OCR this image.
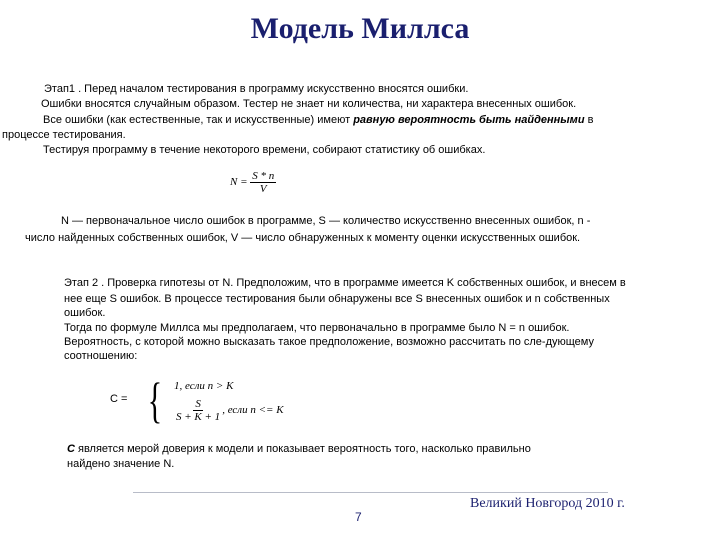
Модель Миллса
Этап1 . Перед началом тестирования в программу искусственно вносятся ошибки.
Ошибки вносятся случайным образом. Тестер не знает ни количества, ни характера внесенных ошибок.
Все ошибки (как естественные, так и искусственные) имеют равную вероятность быть найденными в
процессе тестирования.
Тестируя программу в течение некоторого времени, собирают статистику об ошибках.
$N = \frac{S * n}{V}$
N — первоначальное число ошибок в программе, S — количество искусственно внесенных ошибок, n -
число найденных собственных ошибок, V — число обнаруженных к моменту оценки искусственных ошибок.
Этап 2 . Проверка гипотезы от N. Предположим, что в программе имеется K собственных ошибок, и внесем в
нее еще S ошибок. В процессе тестирования были обнаружены все S внесенных ошибок и n собственных
ошибок.
Тогда по формуле Миллса мы предполагаем, что первоначально в программе было N = n ошибок.
Вероятность, с которой можно высказать такое предположение, возможно рассчитать по сле-дующему
соотношению:
C = { 1, если n > K
$\frac{S}{S + K + 1}$ , если n <= K
C является мерой доверия к модели и показывает вероятность того, насколько правильно
найдено значение N.
7
Великий Новгород 2010 г.
